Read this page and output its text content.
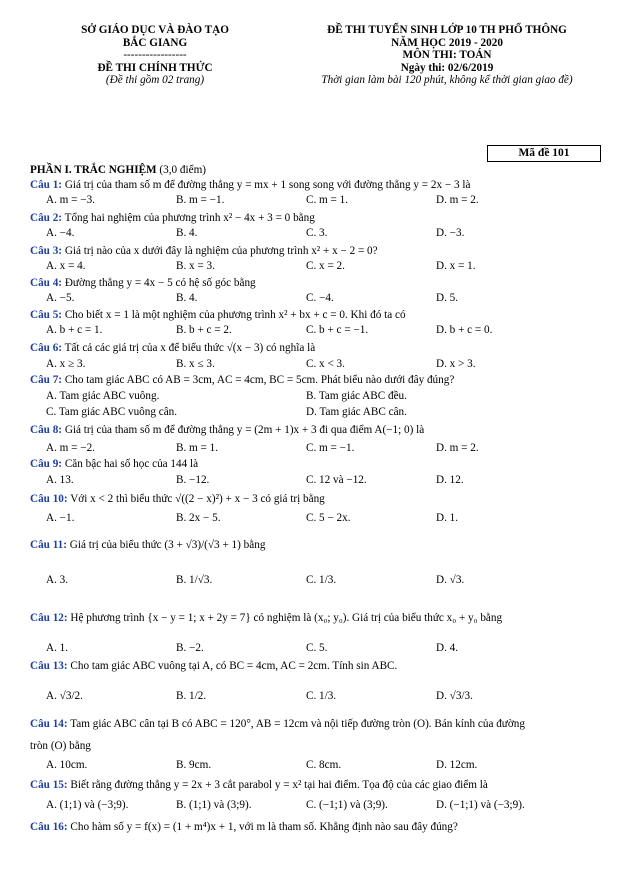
SỞ GIÁO DỤC VÀ ĐÀO TẠO
BẮC GIANG
-----------------
ĐỀ THI CHÍNH THỨC
(Đề thi gồm 02 trang)
ĐỀ THI TUYỂN SINH LỚP 10 TH PHỔ THÔNG
NĂM HỌC 2019 - 2020
MÔN THI: TOÁN
Ngày thi: 02/6/2019
Thời gian làm bài 120 phút, không kể thời gian giao đề)
Mã đề 101
PHẦN I. TRẮC NGHIỆM (3,0 điểm)
Câu 1: Giá trị của tham số m để đường thẳng y = mx + 1 song song với đường thẳng y = 2x − 3 là
A. m = −3.	B. m = −1.	C. m = 1.	D. m = 2.
Câu 2: Tổng hai nghiệm của phương trình x² − 4x + 3 = 0 bằng
A. −4.	B. 4.	C. 3.	D. −3.
Câu 3: Giá trị nào của x dưới đây là nghiệm của phương trình x² + x − 2 = 0?
A. x = 4.	B. x = 3.	C. x = 2.	D. x = 1.
Câu 4: Đường thẳng y = 4x − 5 có hệ số góc bằng
A. −5.	B. 4.	C. −4.	D. 5.
Câu 5: Cho biết x = 1 là một nghiệm của phương trình x² + bx + c = 0. Khi đó ta có
A. b + c = 1.	B. b + c = 2.	C. b + c = −1.	D. b + c = 0.
Câu 6: Tất cả các giá trị của x để biểu thức √(x − 3) có nghĩa là
A. x ≥ 3.	B. x ≤ 3.	C. x < 3.	D. x > 3.
Câu 7: Cho tam giác ABC có AB = 3cm, AC = 4cm, BC = 5cm. Phát biểu nào dưới đây đúng?
A. Tam giác ABC vuông.	B. Tam giác ABC đều.
C. Tam giác ABC vuông cân.	D. Tam giác ABC cân.
Câu 8: Giá trị của tham số m để đường thẳng y = (2m + 1)x + 3 đi qua điểm A(−1; 0) là
A. m = −2.	B. m = 1.	C. m = −1.	D. m = 2.
Câu 9: Căn bậc hai số học của 144 là
A. 13.	B. −12.	C. 12 và −12.	D. 12.
Câu 10: Với x < 2 thì biểu thức √((2 − x)²) + x − 3 có giá trị bằng
A. −1.	B. 2x − 5.	C. 5 − 2x.	D. 1.
Câu 11: Giá trị của biểu thức (3 + √3)/(√3 + 1) bằng
A. 3.	B. 1/√3.	C. 1/3.	D. √3.
Câu 12: Hệ phương trình {x − y = 1; x + 2y = 7} có nghiệm là (x₀; y₀). Giá trị của biểu thức x₀ + y₀ bằng
A. 1.	B. −2.	C. 5.	D. 4.
Câu 13: Cho tam giác ABC vuông tại A, có BC = 4cm, AC = 2cm. Tính sin ABC.
A. √3/2.	B. 1/2.	C. 1/3.	D. √3/3.
Câu 14: Tam giác ABC cân tại B có ABC = 120°, AB = 12cm và nội tiếp đường tròn (O). Bán kính của đường
tròn (O) bằng
A. 10cm.	B. 9cm.	C. 8cm.	D. 12cm.
Câu 15: Biết rằng đường thẳng y = 2x + 3 cắt parabol y = x² tại hai điểm. Tọa độ của các giao điểm là
A. (1;1) và (−3;9).	B. (1;1) và (3;9).	C. (−1;1) và (3;9).	D. (−1;1) và (−3;9).
Câu 16: Cho hàm số y = f(x) = (1 + m⁴)x + 1, với m là tham số. Khẳng định nào sau đây đúng?
